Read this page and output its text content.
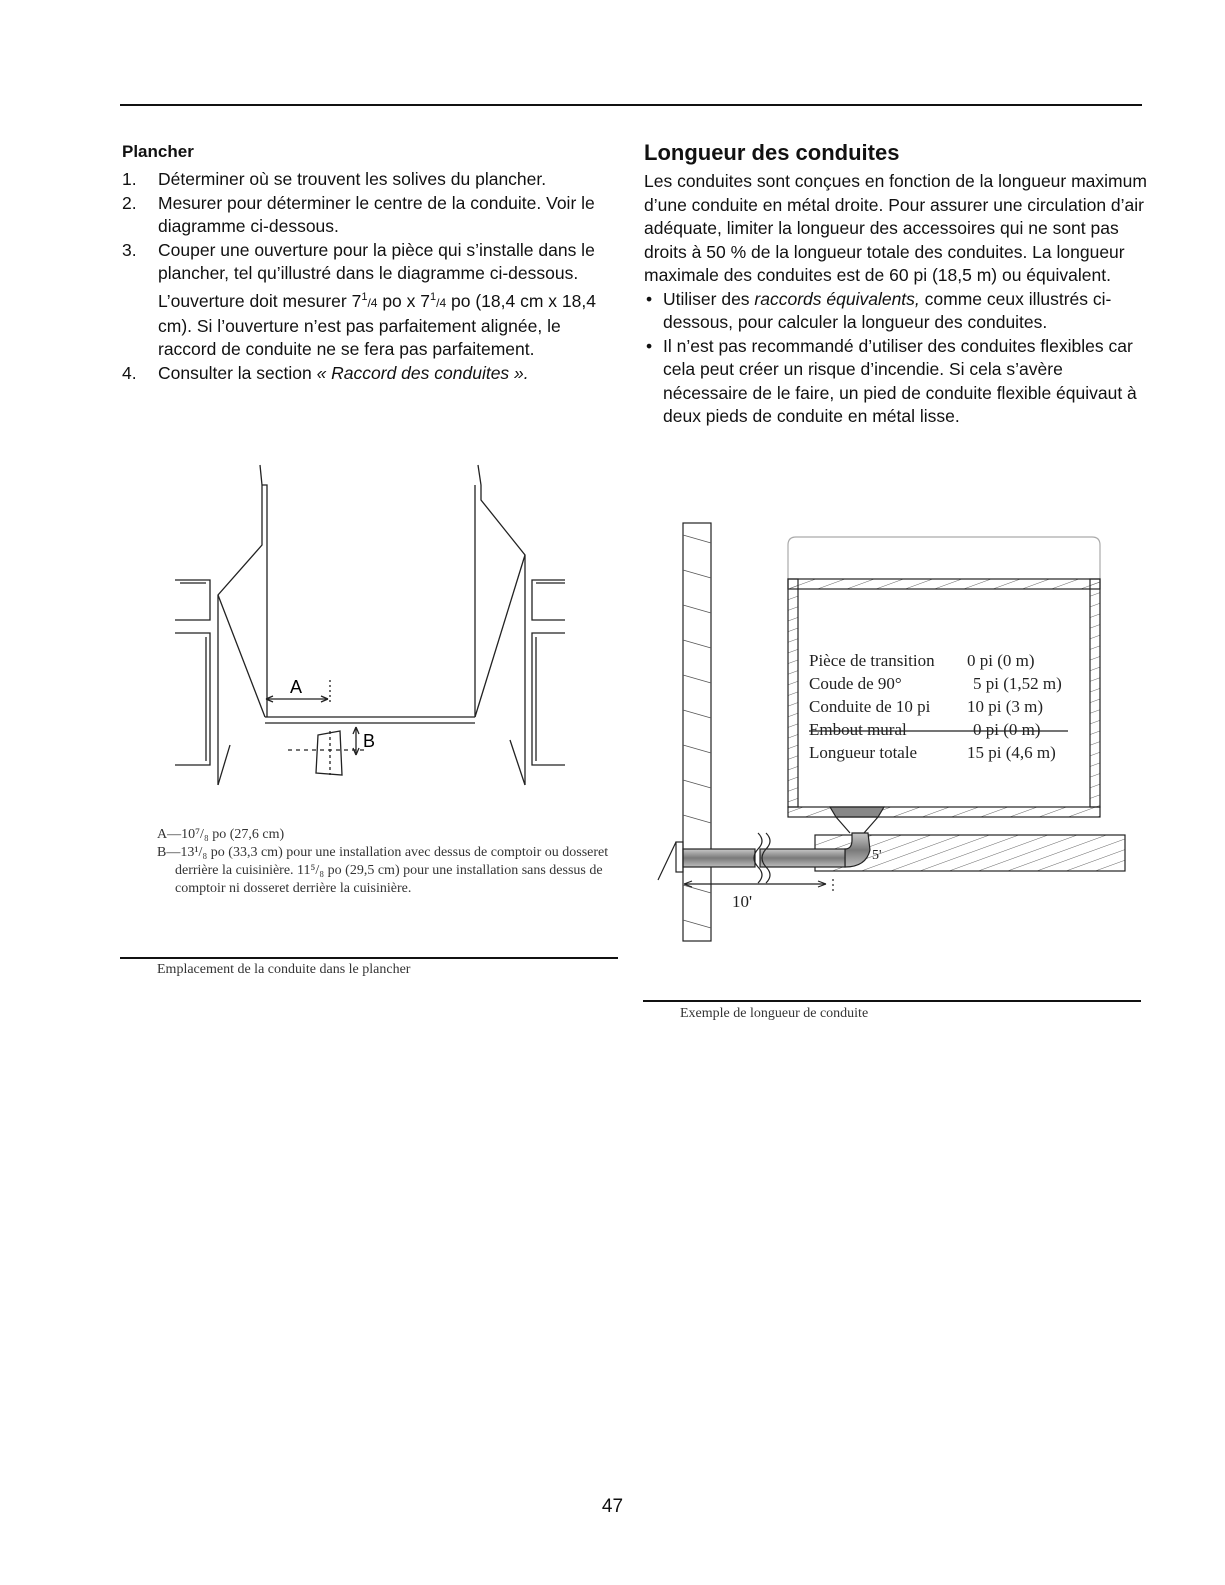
Plancher
1. Déterminer où se trouvent les solives du plancher.
2. Mesurer pour déterminer le centre de la conduite. Voir le diagramme ci-dessous.
3. Couper une ouverture pour la pièce qui s’installe dans le plancher, tel qu’illustré dans le diagramme ci-dessous. L’ouverture doit mesurer $7^1/4$ po x $7^1/4$ po (18,4 cm x 18,4 cm). Si l’ouverture n’est pas parfaitement alignée, le raccord de conduite ne se fera pas parfaitement.
4. Consulter la section « Raccord des conduites ».
A
B
A—10⁷/₈ po (27,6 cm)
B—13¹/₈ po (33,3 cm) pour une installation avec dessus de comptoir ou dosseret derrière la cuisinière. 11⁵/₈ po (29,5 cm) pour une installation sans dessus de comptoir ni dosseret derrière la cuisinière.
Emplacement de la conduite dans le plancher
Longueur des conduites

Les conduites sont conçues en fonction de la longueur maximum d’une conduite en métal droite. Pour assurer une circulation d’air adéquate, limiter la longueur des accessoires qui ne sont pas droits à 50 % de la longueur totale des conduites. La longueur maximale des conduites est de 60 pi (18,5 m) ou équivalent.

• Utiliser des raccords équivalents, comme ceux illustrés ci-dessous, pour calculer la longueur des conduites.
• Il n’est pas recommandé d’utiliser des conduites flexibles car cela peut créer un risque d’incendie. Si cela s’avère nécessaire de le faire, un pied de conduite flexible équivaut à deux pieds de conduite en métal lisse.
Pièce de transition 0 pi (0 m)
Coude de 90°	5 pi (1,52 m)
Conduite de 10 pi 10 pi (3 m)
Embout mural	0 pi (0 m)
Longueur totale	15 pi (4,6 m)
5'
10'
Exemple de longueur de conduite
47
